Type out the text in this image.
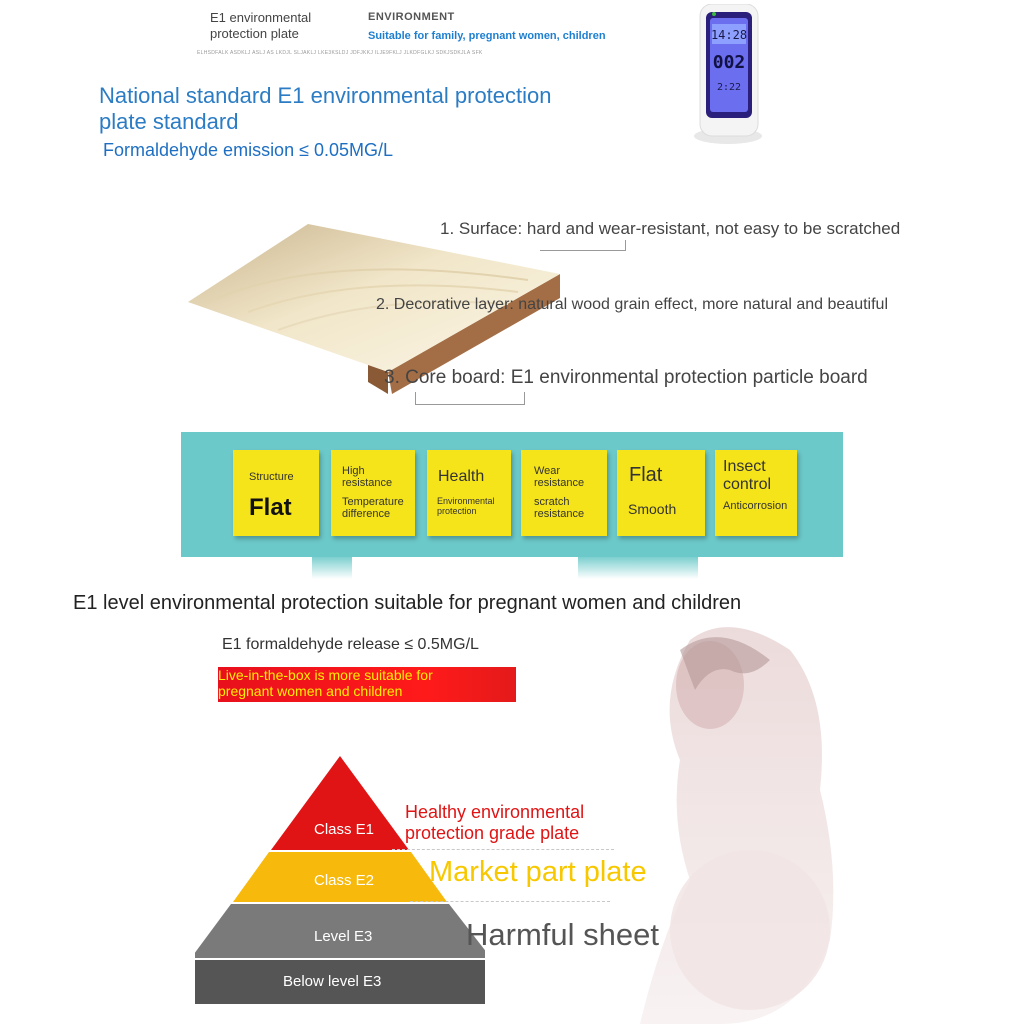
E1 environmental
protection plate
ENVIRONMENT
Suitable for family, pregnant women, children
ELHSDFALK ASDKLJ ASLJ AS LKDJL SLJAKLJ LKE3KSLDJ JDFJKKJ ILJE9FKLJ JLKDFGLKJ SDKJSDKJLA SFK
National standard E1 environmental protection
plate standard
Formaldehyde emission ≤ 0.05MG/L
14:28
002
2:22
1. Surface: hard and wear-resistant, not easy to be scratched
2. Decorative layer: natural wood grain effect, more natural and beautiful
3. Core board: E1 environmental protection particle board
Structure
Flat
High resistance
Temperature difference
Health
Environmental protection
Wear resistance
scratch resistance
Flat
Smooth
Insect control
Anticorrosion
E1 level environmental protection suitable for pregnant women and children
E1 formaldehyde release ≤ 0.5MG/L
Live-in-the-box is more suitable for
pregnant women and children
Class E1
Class E2
Level E3
Below level E3
Healthy environmental
protection grade plate
Market part plate
Harmful sheet
